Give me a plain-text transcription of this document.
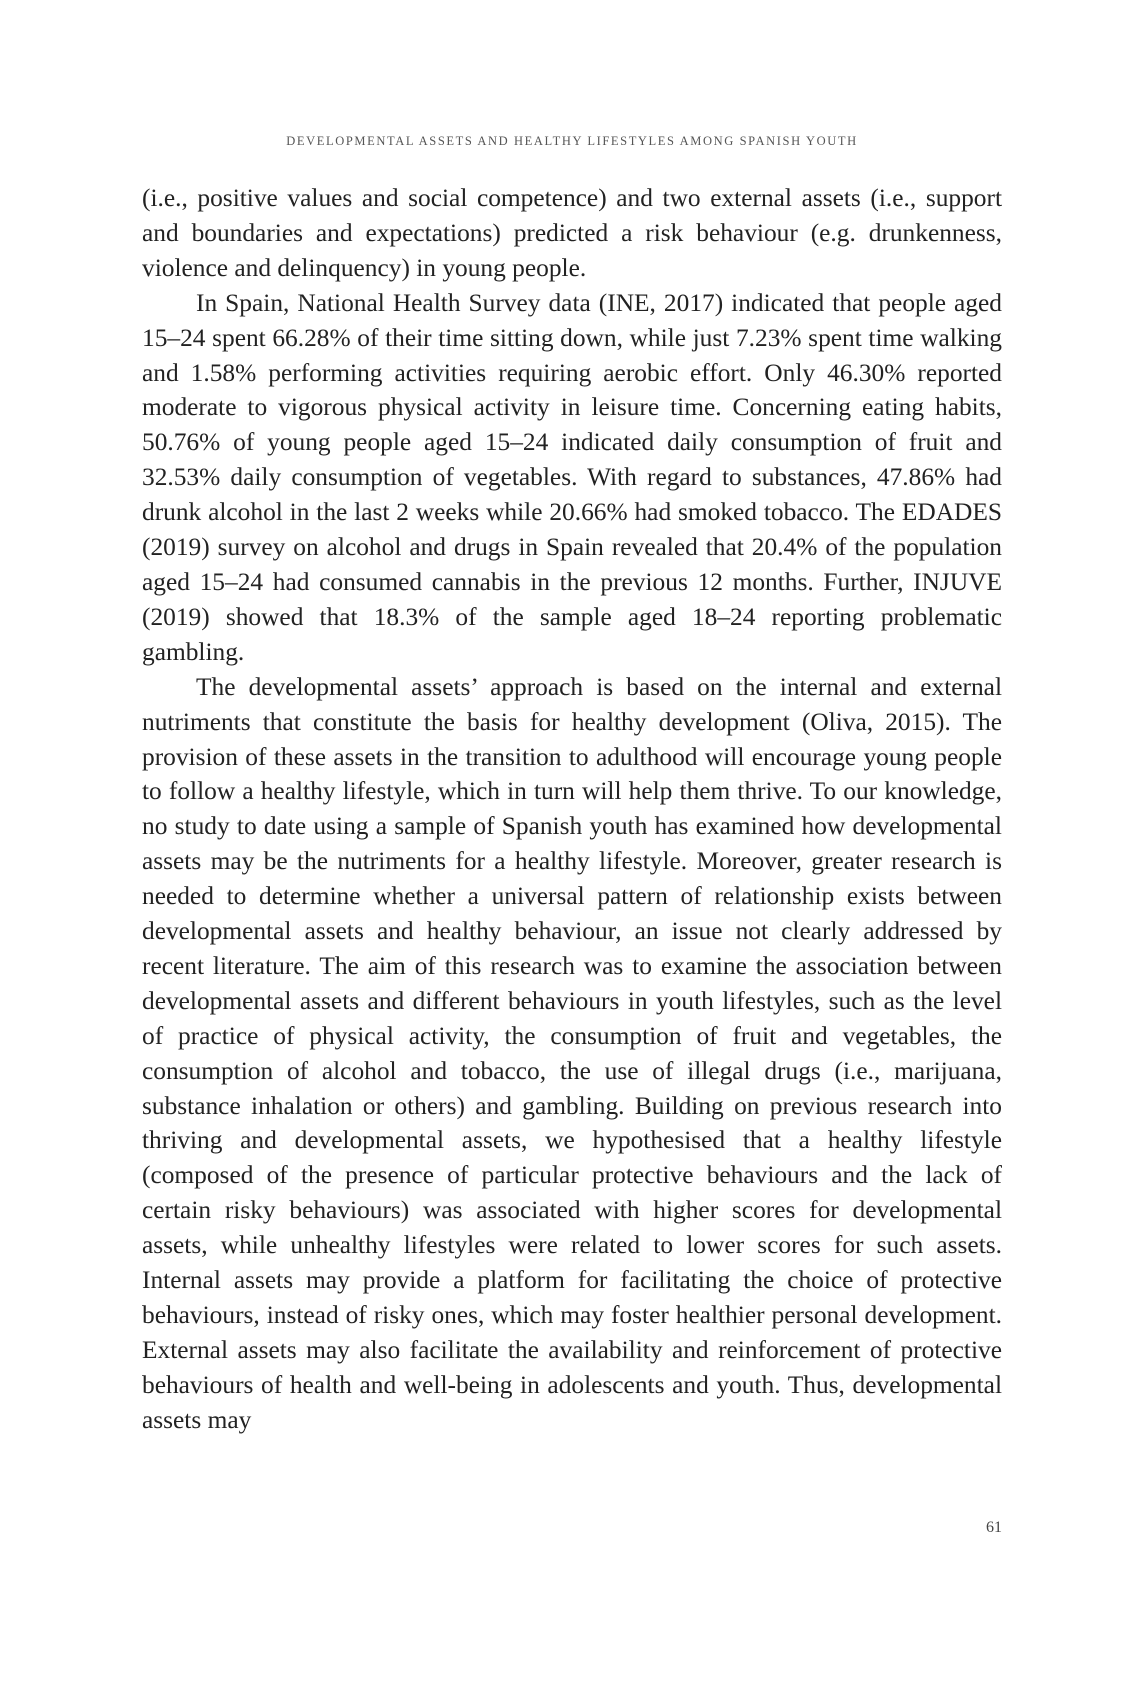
DEVELOPMENTAL ASSETS AND HEALTHY LIFESTYLES AMONG SPANISH YOUTH

(i.e., positive values and social competence) and two external assets (i.e., support and boundaries and expectations) predicted a risk behaviour (e.g. drunkenness, violence and delinquency) in young people.

In Spain, National Health Survey data (INE, 2017) indicated that people aged 15–24 spent 66.28% of their time sitting down, while just 7.23% spent time walking and 1.58% performing activities requiring aerobic effort. Only 46.30% reported moderate to vigorous physical activity in leisure time. Concerning eating habits, 50.76% of young people aged 15–24 indicated daily consumption of fruit and 32.53% daily consumption of vegetables. With regard to substances, 47.86% had drunk alcohol in the last 2 weeks while 20.66% had smoked tobacco. The EDADES (2019) survey on alcohol and drugs in Spain revealed that 20.4% of the population aged 15–24 had consumed cannabis in the previous 12 months. Further, INJUVE (2019) showed that 18.3% of the sample aged 18–24 reporting problematic gambling.

The developmental assets’ approach is based on the internal and external nutriments that constitute the basis for healthy development (Oliva, 2015). The provision of these assets in the transition to adulthood will encourage young people to follow a healthy lifestyle, which in turn will help them thrive. To our knowledge, no study to date using a sample of Spanish youth has examined how developmental assets may be the nutriments for a healthy lifestyle. Moreover, greater research is needed to determine whether a universal pattern of relationship exists between developmental assets and healthy behaviour, an issue not clearly addressed by recent literature. The aim of this research was to examine the association between developmental assets and different behaviours in youth lifestyles, such as the level of practice of physical activity, the consumption of fruit and vegetables, the consumption of alcohol and tobacco, the use of illegal drugs (i.e., marijuana, substance inhalation or others) and gambling. Building on previous research into thriving and developmental assets, we hypothesised that a healthy lifestyle (composed of the presence of particular protective behaviours and the lack of certain risky behaviours) was associated with higher scores for developmental assets, while unhealthy lifestyles were related to lower scores for such assets. Internal assets may provide a platform for facilitating the choice of protective behaviours, instead of risky ones, which may foster healthier personal development. External assets may also facilitate the availability and reinforcement of protective behaviours of health and well-being in adolescents and youth. Thus, developmental assets may

61
